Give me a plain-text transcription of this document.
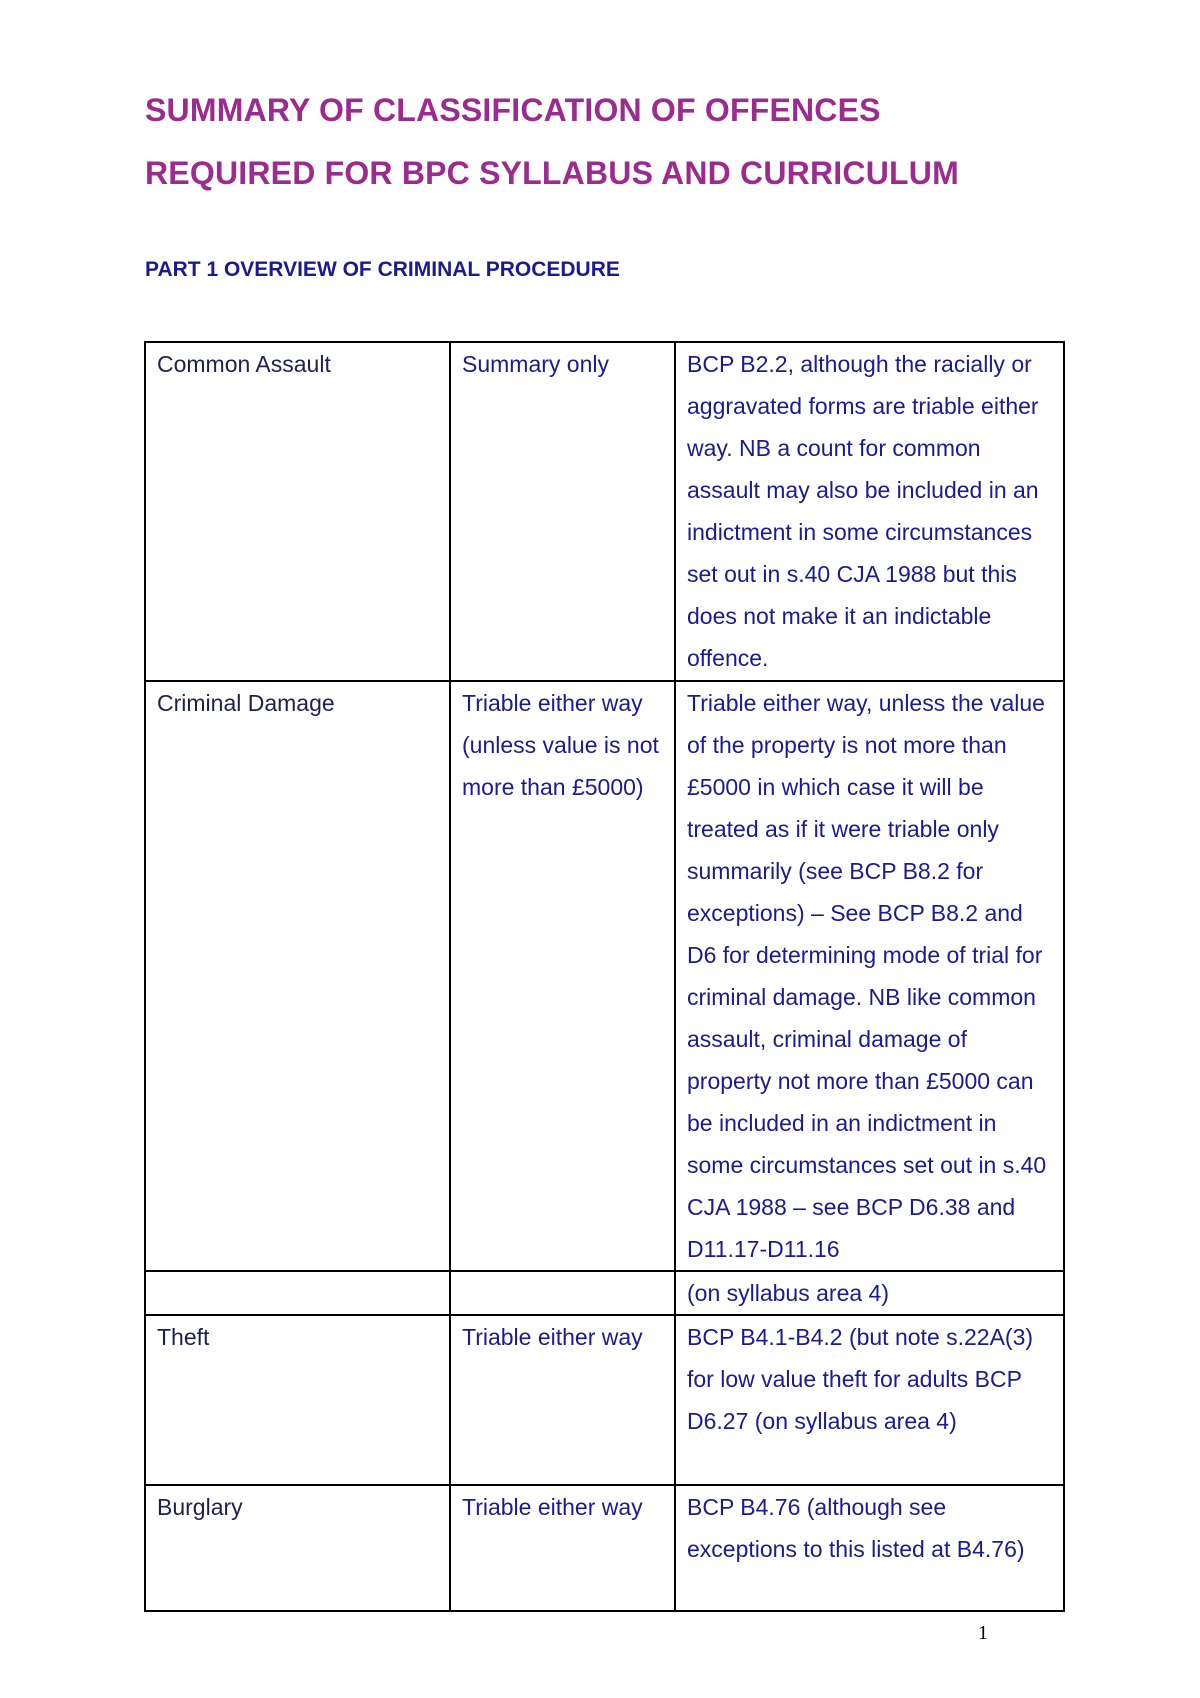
SUMMARY OF CLASSIFICATION OF OFFENCES
REQUIRED FOR BPC SYLLABUS AND CURRICULUM
PART 1 OVERVIEW OF CRIMINAL PROCEDURE
Common Assault	Summary only	BCP B2.2, although the racially or aggravated forms are triable either way. NB a count for common assault may also be included in an indictment in some circumstances set out in s.40 CJA 1988 but this does not make it an indictable offence.
Criminal Damage	Triable either way (unless value is not more than £5000)	Triable either way, unless the value of the property is not more than £5000 in which case it will be treated as if it were triable only summarily (see BCP B8.2 for exceptions) – See BCP B8.2 and D6 for determining mode of trial for criminal damage. NB like common assault, criminal damage of property not more than £5000 can be included in an indictment in some circumstances set out in s.40 CJA 1988 – see BCP D6.38 and D11.17-D11.16
		(on syllabus area 4)
Theft	Triable either way	BCP B4.1-B4.2 (but note s.22A(3) for low value theft for adults BCP D6.27 (on syllabus area 4)
Burglary	Triable either way	BCP B4.76 (although see exceptions to this listed at B4.76)
1
